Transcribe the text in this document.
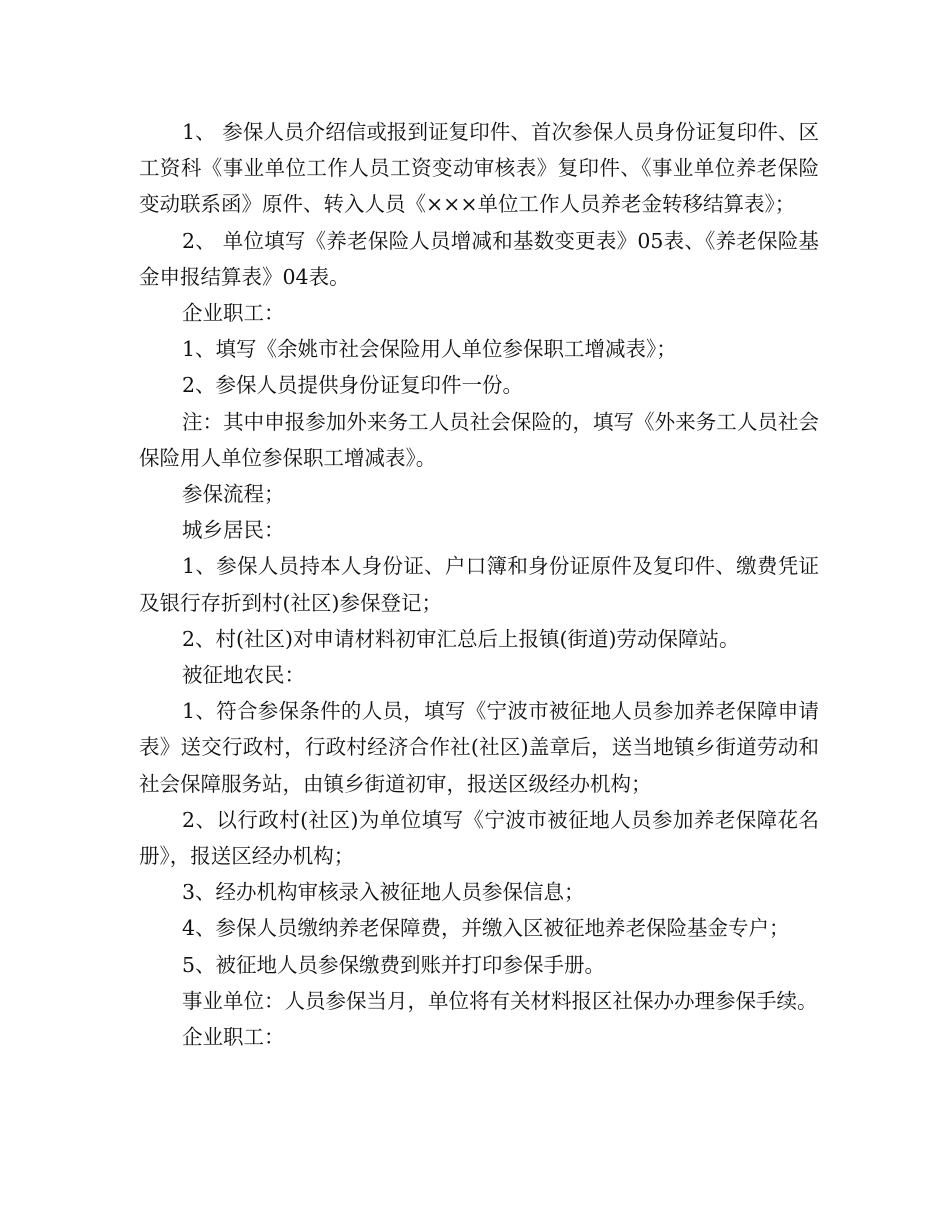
1、 参保人员介绍信或报到证复印件、首次参保人员身份证复印件、区工资科《事业单位工作人员工资变动审核表》复印件、《事业单位养老保险变动联系函》原件、转入人员《×××单位工作人员养老金转移结算表》；

2、 单位填写《养老保险人员增减和基数变更表》05表、《养老保险基金申报结算表》04表。

企业职工：

1、填写《余姚市社会保险用人单位参保职工增减表》；

2、参保人员提供身份证复印件一份。

注：其中申报参加外来务工人员社会保险的，填写《外来务工人员社会保险用人单位参保职工增减表》。

参保流程；

城乡居民：

1、参保人员持本人身份证、户口簿和身份证原件及复印件、缴费凭证及银行存折到村(社区)参保登记；

2、村(社区)对申请材料初审汇总后上报镇(街道)劳动保障站。

被征地农民：

1、符合参保条件的人员，填写《宁波市被征地人员参加养老保障申请表》送交行政村，行政村经济合作社(社区)盖章后，送当地镇乡街道劳动和社会保障服务站，由镇乡街道初审，报送区级经办机构；

2、以行政村(社区)为单位填写《宁波市被征地人员参加养老保障花名册》，报送区经办机构；

3、经办机构审核录入被征地人员参保信息；

4、参保人员缴纳养老保障费，并缴入区被征地养老保险基金专户；

5、被征地人员参保缴费到账并打印参保手册。

事业单位：人员参保当月，单位将有关材料报区社保办办理参保手续。

企业职工：
